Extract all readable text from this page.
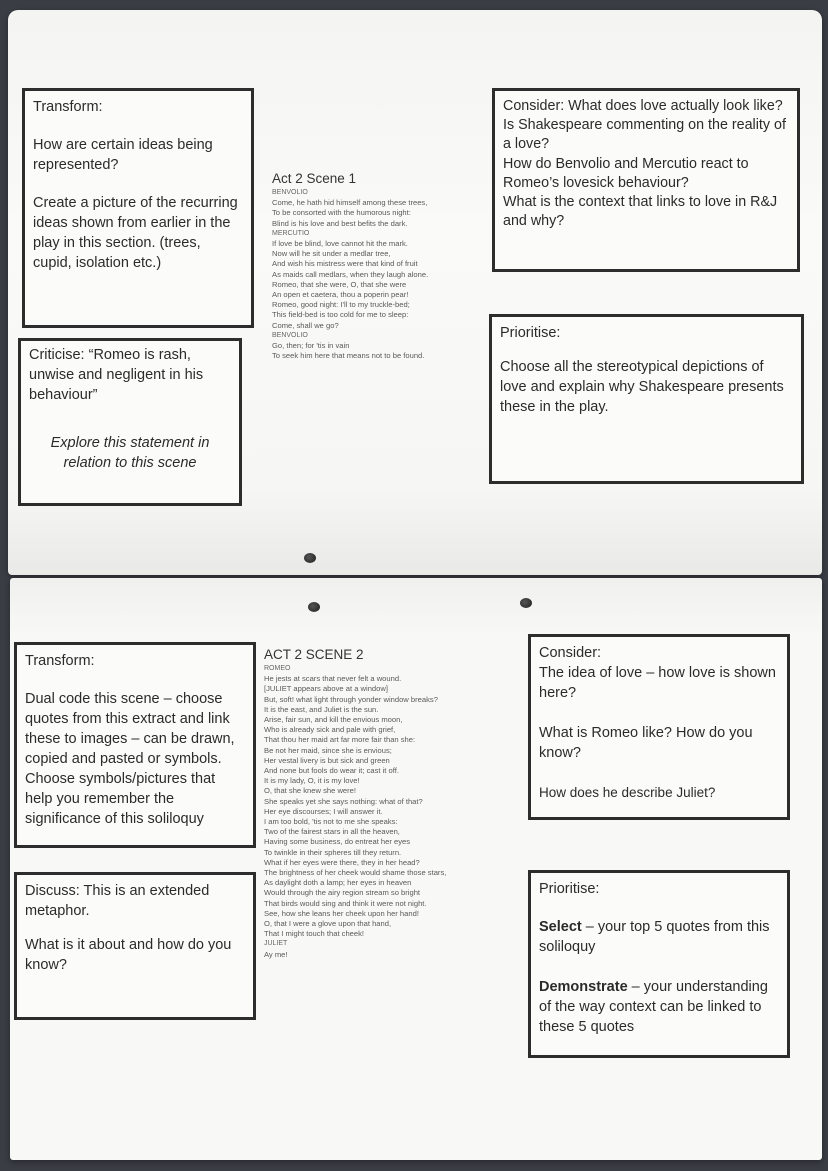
Transform:

How are certain ideas being represented?

Create a picture of the recurring ideas shown from earlier in the play in this section. (trees, cupid, isolation etc.)

Criticise: “Romeo is rash, unwise and negligent in his behaviour”

Explore this statement in relation to this scene

Act 2 Scene 1
BENVOLIO
Come, he hath hid himself among these trees,
To be consorted with the humorous night:
Blind is his love and best befits the dark.
MERCUTIO
If love be blind, love cannot hit the mark.
Now will he sit under a medlar tree,
And wish his mistress were that kind of fruit
As maids call medlars, when they laugh alone.
Romeo, that she were, O, that she were
An open et caetera, thou a poperin pear!
Romeo, good night: I'll to my truckle-bed;
This field-bed is too cold for me to sleep:
Come, shall we go?
BENVOLIO
Go, then; for 'tis in vain
To seek him here that means not to be found.

Consider: What does love actually look like?

Is Shakespeare commenting on the reality of a love?

How do Benvolio and Mercutio react to Romeo’s lovesick behaviour?

What is the context that links to love in R&J and why?

Prioritise:

Choose all the stereotypical depictions of love and explain why Shakespeare presents these in the play.

Transform:

Dual code this scene – choose quotes from this extract and link these to images – can be drawn, copied and pasted or symbols. Choose symbols/pictures that help you remember the significance of this soliloquy

Discuss: This is an extended metaphor.

What is it about and how do you know?

ACT 2 SCENE 2
ROMEO
He jests at scars that never felt a wound.
[JULIET appears above at a window]
But, soft! what light through yonder window breaks?
It is the east, and Juliet is the sun.
Arise, fair sun, and kill the envious moon,
Who is already sick and pale with grief,
That thou her maid art far more fair than she:
Be not her maid, since she is envious;
Her vestal livery is but sick and green
And none but fools do wear it; cast it off.
It is my lady, O, it is my love!
O, that she knew she were!
She speaks yet she says nothing: what of that?
Her eye discourses; I will answer it.
I am too bold, 'tis not to me she speaks:
Two of the fairest stars in all the heaven,
Having some business, do entreat her eyes
To twinkle in their spheres till they return.
What if her eyes were there, they in her head?
The brightness of her cheek would shame those stars,
As daylight doth a lamp; her eyes in heaven
Would through the airy region stream so bright
That birds would sing and think it were not night.
See, how she leans her cheek upon her hand!
O, that I were a glove upon that hand,
That I might touch that cheek!
JULIET
Ay me!

Consider:

The idea of love – how love is shown here?

What is Romeo like? How do you know?

How does he describe Juliet?

Prioritise:

Select – your top 5 quotes from this soliloquy

Demonstrate – your understanding of the way context can be linked to these 5 quotes
